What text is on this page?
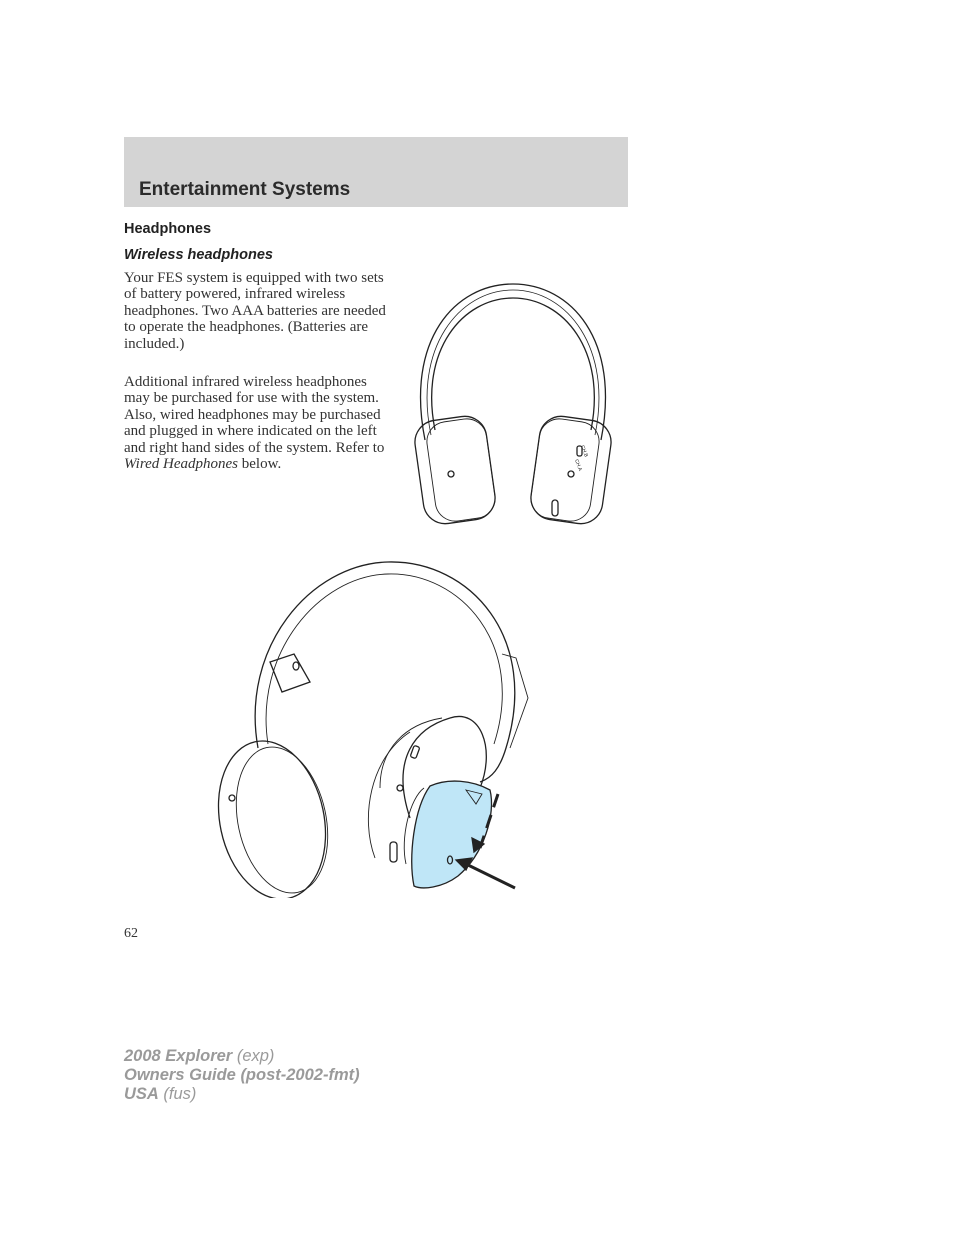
Entertainment Systems
Headphones
Wireless headphones

Your FES system is equipped with two sets of battery powered, infrared wireless headphones. Two AAA batteries are needed to operate the headphones. (Batteries are included.)

Additional infrared wireless headphones may be purchased for use with the system. Also, wired headphones may be purchased and plugged in where indicated on the left and right hand sides of the system. Refer to Wired Headphones below.

CH.B
CH.A
62
2008 Explorer (exp)
Owners Guide (post-2002-fmt)
USA (fus)
